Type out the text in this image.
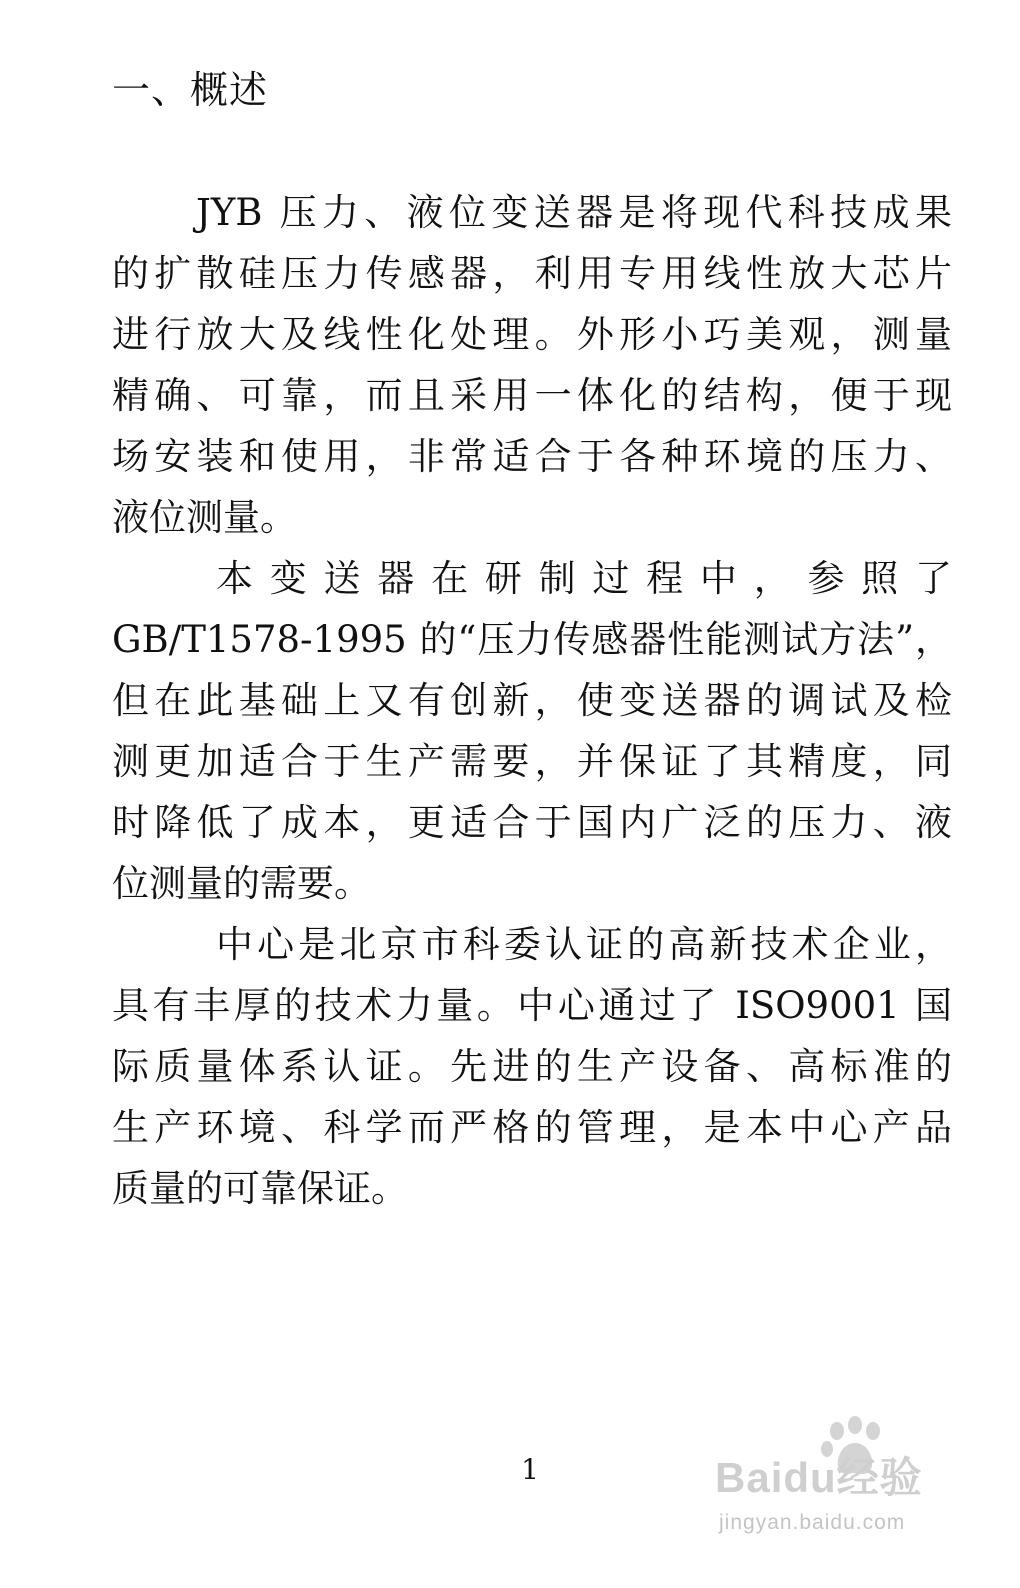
一、概述
JYB 压力、液位变送器是将现代科技成果
的扩散硅压力传感器，利用专用线性放大芯片
进行放大及线性化处理。外形小巧美观，测量
精确、可靠，而且采用一体化的结构，便于现
场安装和使用，非常适合于各种环境的压力、
液位测量。
本变送器在研制过程中，参照了
GB/T1578-1995 的“压力传感器性能测试方法”，
但在此基础上又有创新，使变送器的调试及检
测更加适合于生产需要，并保证了其精度，同
时降低了成本，更适合于国内广泛的压力、液
位测量的需要。
中心是北京市科委认证的高新技术企业，
具有丰厚的技术力量。中心通过了 ISO9001 国
际质量体系认证。先进的生产设备、高标准的
生产环境、科学而严格的管理，是本中心产品
质量的可靠保证。
1	Baidu经验
jingyan.baidu.com
